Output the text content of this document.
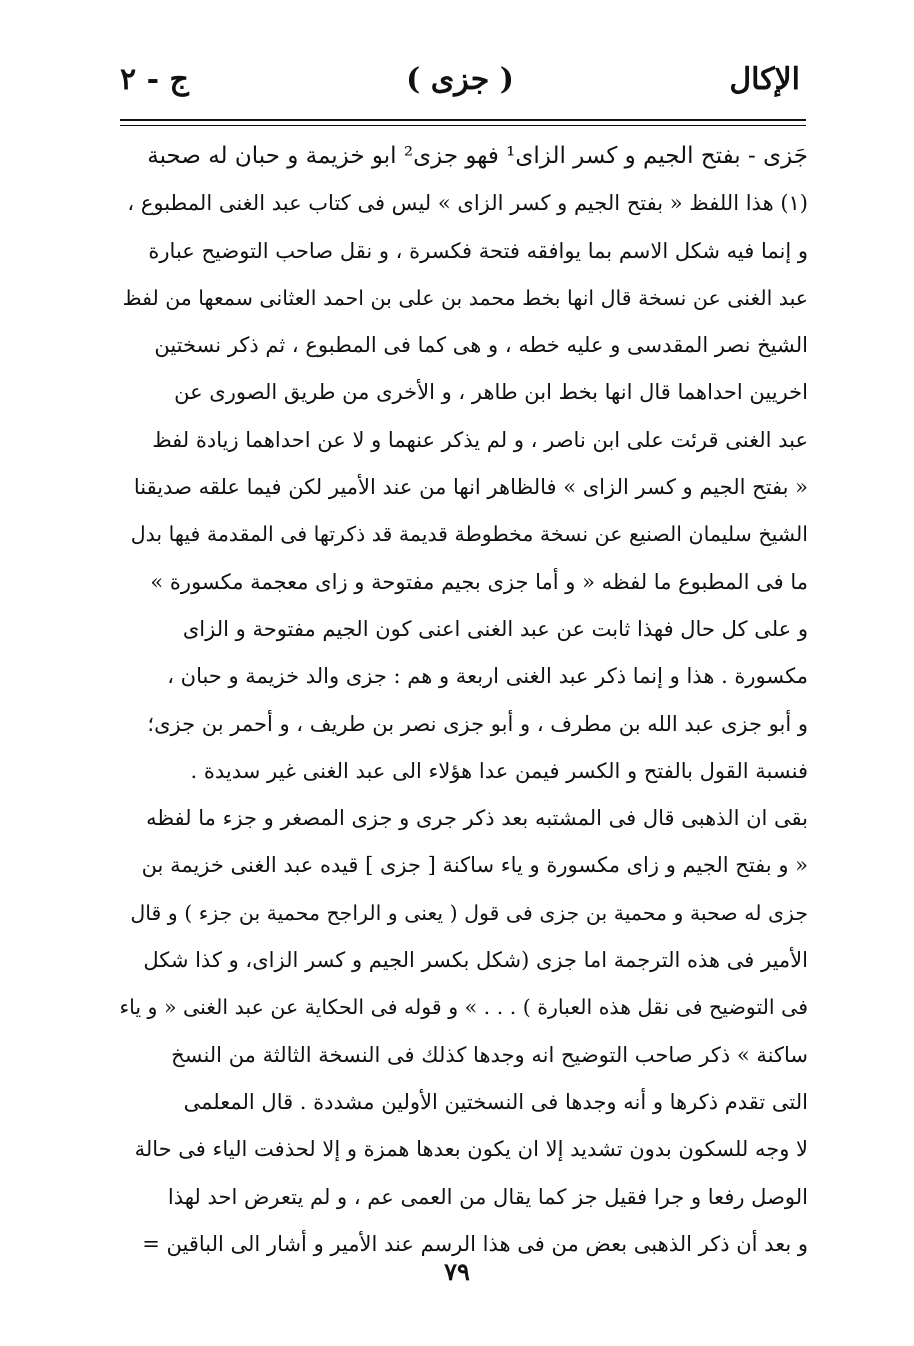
الإكال
( جزى )
ج - ٢
جَزى - بفتح الجيم و كسر الزاى¹ فهو جزى² ابو خزيمة و حبان له صحبة
(١) هذا اللفظ « بفتح الجيم و كسر الزاى » ليس فى كتاب عبد الغنى المطبوع ،
و إنما فيه شكل الاسم بما يوافقه فتحة فكسرة ، و نقل صاحب التوضيح عبارة
عبد الغنى عن نسخة قال انها بخط محمد بن على بن احمد العثانى سمعها من لفظ
الشيخ نصر المقدسى و عليه خطه ، و هى كما فى المطبوع ، ثم ذكر نسختين
اخريين احداهما قال انها بخط ابن طاهر ، و الأخرى من طريق الصورى عن
عبد الغنى قرئت على ابن ناصر ، و لم يذكر عنهما و لا عن احداهما زيادة لفظ
« بفتح الجيم و كسر الزاى » فالظاهر انها من عند الأمير لكن فيما علقه صديقنا
الشيخ سليمان الصنيع عن نسخة مخطوطة قديمة قد ذكرتها فى المقدمة فيها بدل
ما فى المطبوع ما لفظه « و أما جزى بجيم مفتوحة و زاى معجمة مكسورة »
و على كل حال فهذا ثابت عن عبد الغنى اعنى كون الجيم مفتوحة و الزاى
مكسورة . هذا و إنما ذكر عبد الغنى اربعة و هم : جزى والد خزيمة و حبان ،
و أبو جزى عبد الله بن مطرف ، و أبو جزى نصر بن طريف ، و أحمر بن جزى؛
فنسبة القول بالفتح و الكسر فيمن عدا هؤلاء الى عبد الغنى غير سديدة .
بقى ان الذهبى قال فى المشتبه بعد ذكر جرى و جزى المصغر و جزء ما لفظه
« و بفتح الجيم و زاى مكسورة و ياء ساكنة [ جزى ] قيده عبد الغنى خزيمة بن
جزى له صحبة و محمية بن جزى فى قول ( يعنى و الراجح محمية بن جزء ) و قال
الأمير فى هذه الترجمة اما جزى (شكل بكسر الجيم و كسر الزاى، و كذا شكل
فى التوضيح فى نقل هذه العبارة ) . . . » و قوله فى الحكاية عن عبد الغنى « و ياء
ساكنة » ذكر صاحب التوضيح انه وجدها كذلك فى النسخة الثالثة من النسخ
التى تقدم ذكرها و أنه وجدها فى النسختين الأولين مشددة . قال المعلمى
لا وجه للسكون بدون تشديد إلا ان يكون بعدها همزة و إلا لحذفت الياء فى حالة
الوصل رفعا و جرا فقيل جز كما يقال من العمى عم ، و لم يتعرض احد لهذا
و بعد أن ذكر الذهبى بعض من فى هذا الرسم عند الأمير و أشار الى الباقين =
٧٩
